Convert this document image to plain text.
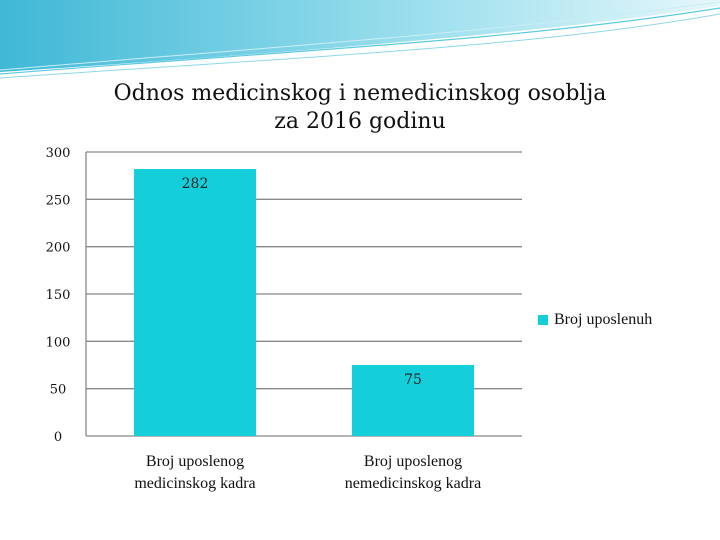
Odnos medicinskog i nemedicinskog osoblja
za 2016 godinu
0
50
100
150
200
250
300
282
Broj uposlenog
medicinskog kadra
75
Broj uposlenog
nemedicinskog kadra
Broj uposlenuh
